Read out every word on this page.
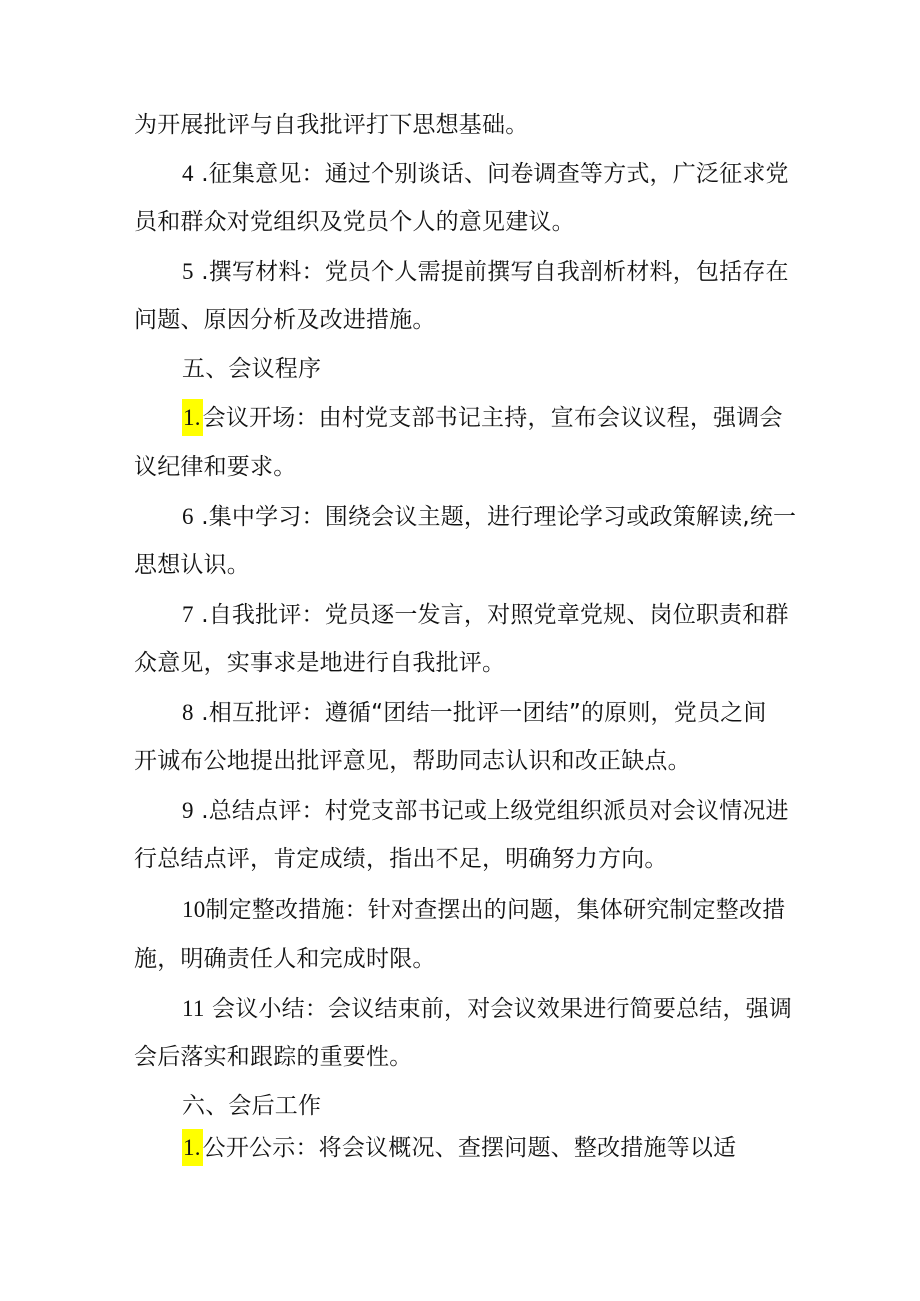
为开展批评与自我批评打下思想基础。
4 .征集意见：通过个别谈话、问卷调查等方式，广泛征求党
员和群众对党组织及党员个人的意见建议。
5 .撰写材料：党员个人需提前撰写自我剖析材料，包括存在
问题、原因分析及改进措施。
五、会议程序
1.会议开场：由村党支部书记主持，宣布会议议程，强调会
议纪律和要求。
6 .集中学习：围绕会议主题，进行理论学习或政策解读,统一
思想认识。
7 .自我批评：党员逐一发言，对照党章党规、岗位职责和群
众意见，实事求是地进行自我批评。
8 .相互批评：遵循“团结一批评一团结”的原则，党员之间
开诚布公地提出批评意见，帮助同志认识和改正缺点。
9 .总结点评：村党支部书记或上级党组织派员对会议情况进
行总结点评，肯定成绩，指出不足，明确努力方向。
10制定整改措施：针对查摆出的问题，集体研究制定整改措
施，明确责任人和完成时限。
11 会议小结：会议结束前，对会议效果进行简要总结，强调
会后落实和跟踪的重要性。
六、会后工作
1.公开公示：将会议概况、查摆问题、整改措施等以适
